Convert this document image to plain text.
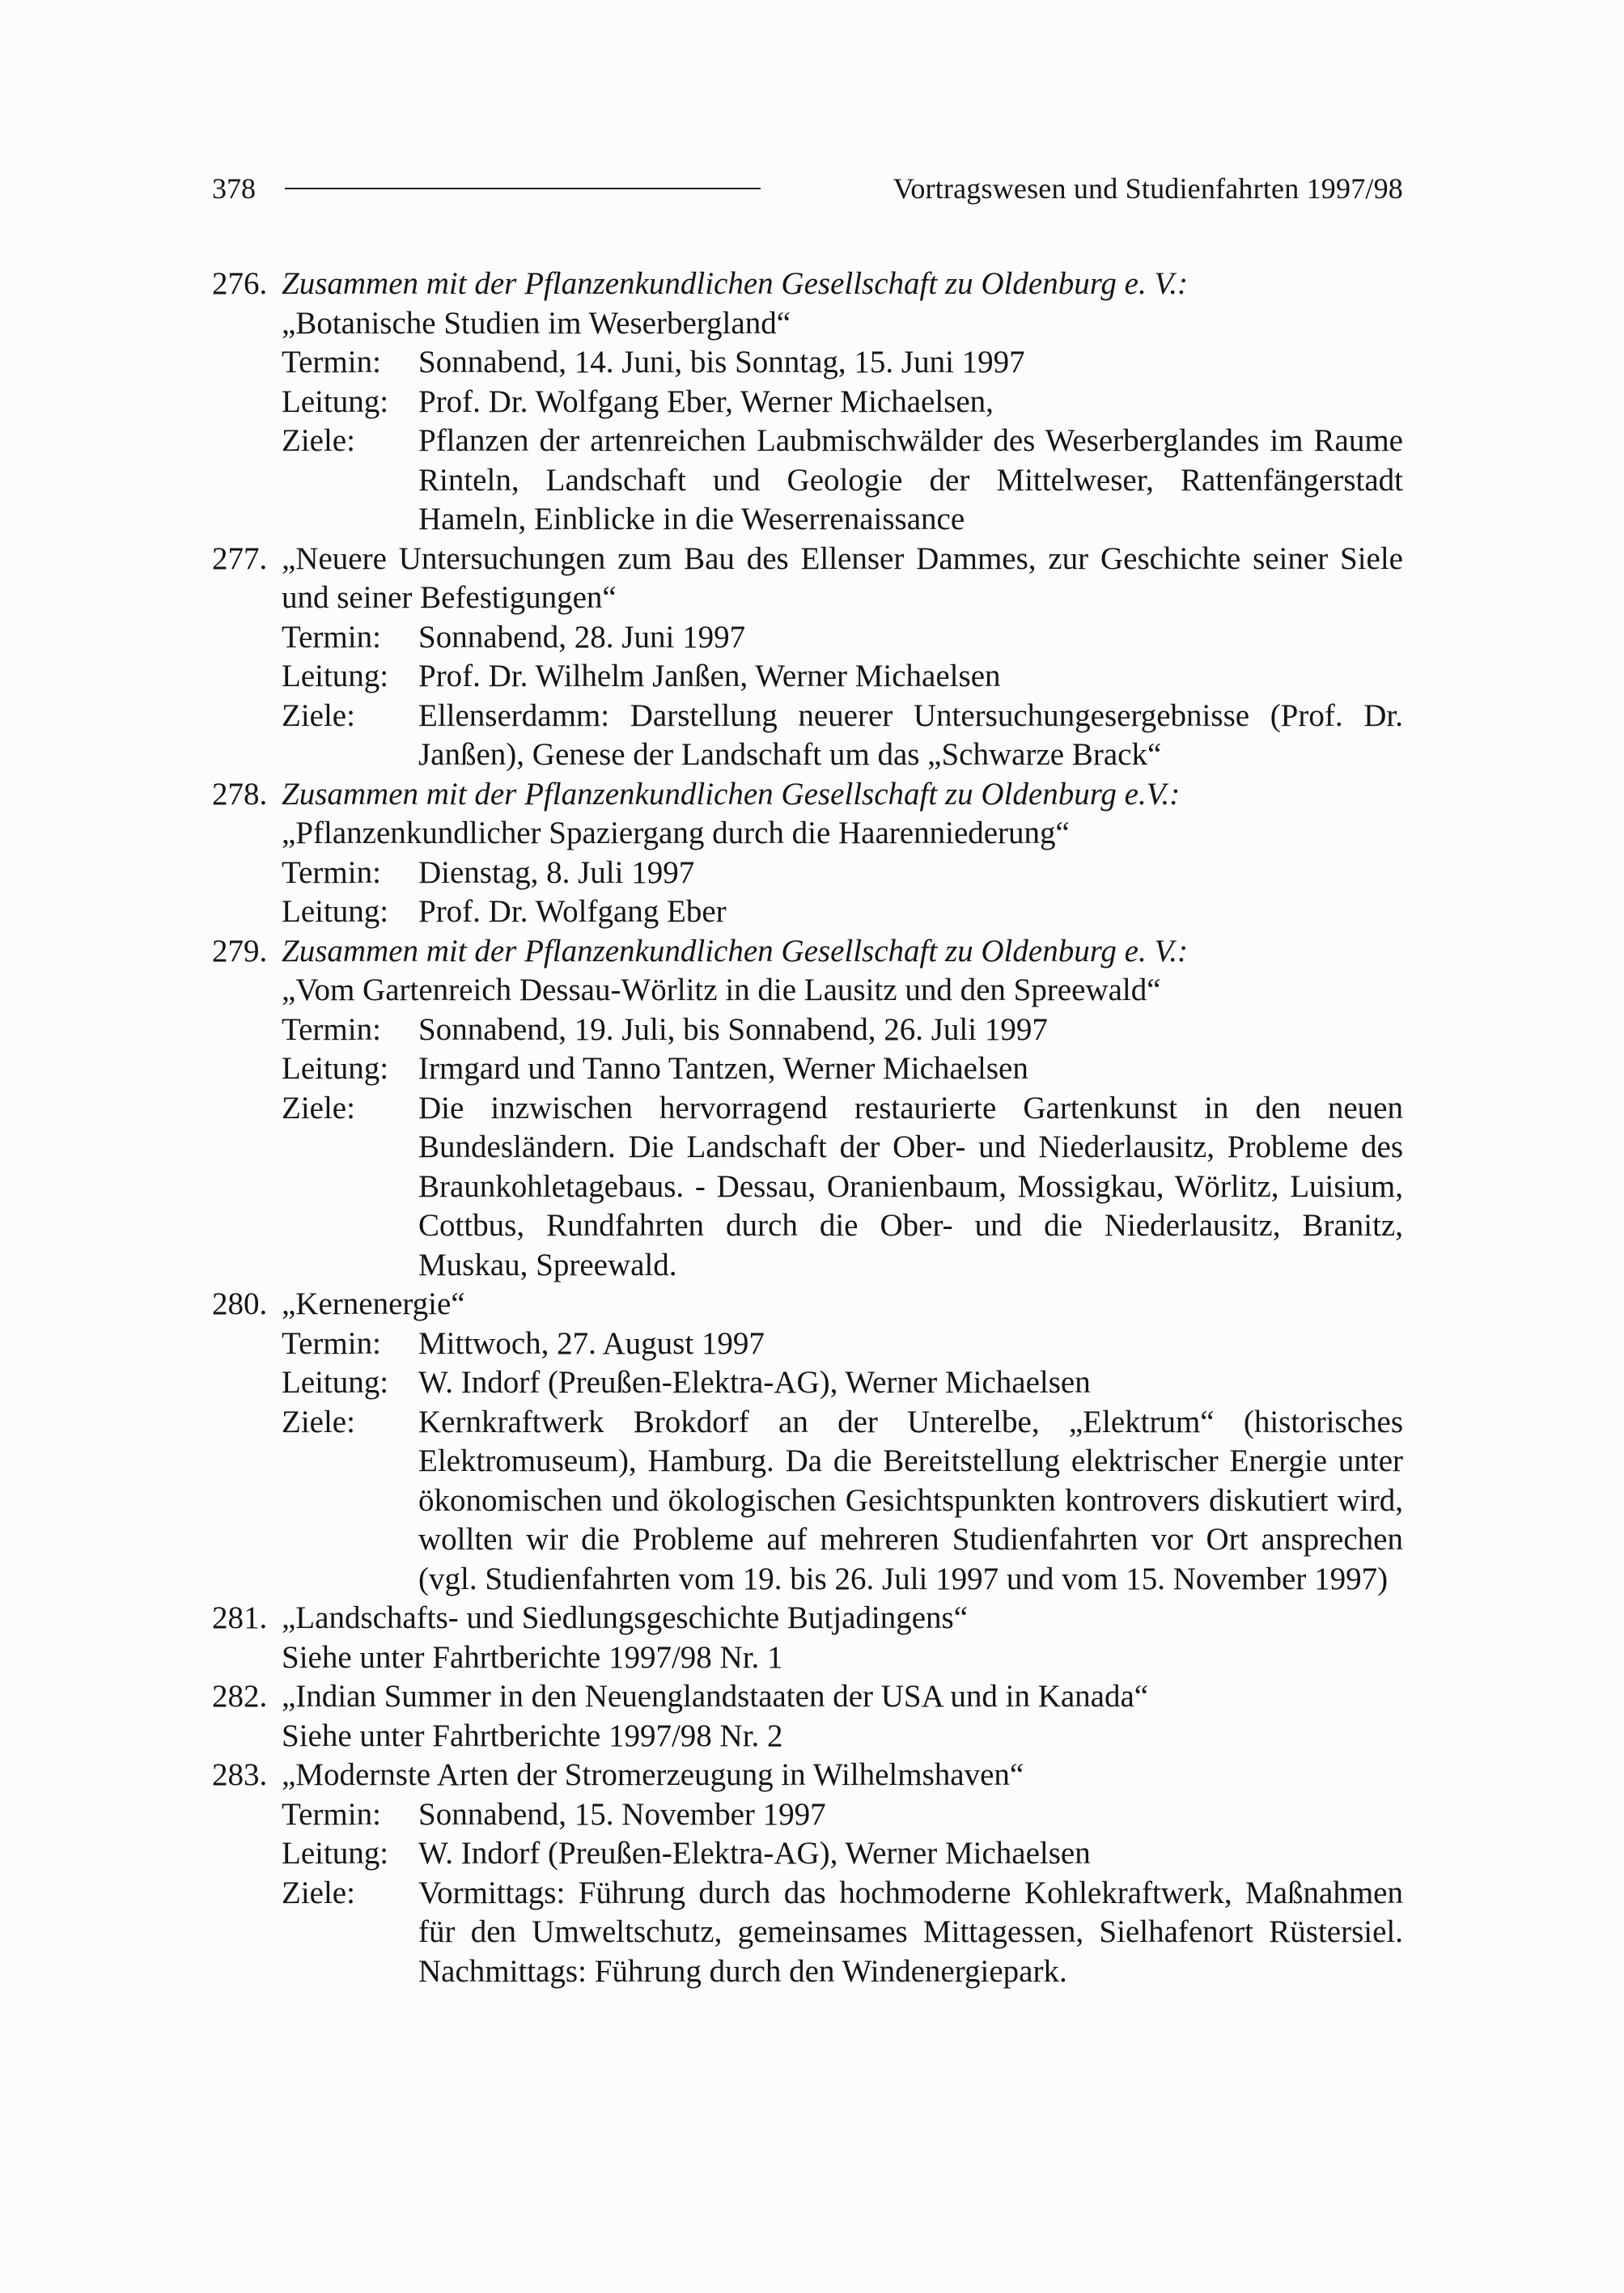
378	Vortragswesen und Studienfahrten 1997/98
276. Zusammen mit der Pflanzenkundlichen Gesellschaft zu Oldenburg e. V.:
„Botanische Studien im Weserbergland“
Termin:	Sonnabend, 14. Juni, bis Sonntag, 15. Juni 1997
Leitung: Prof. Dr. Wolfgang Eber, Werner Michaelsen,
Ziele:	Pflanzen der artenreichen Laubmischwälder des Weserberglandes im Raume Rinteln, Landschaft und Geologie der Mittelweser, Rattenfängerstadt Hameln, Einblicke in die Weserrenaissance
277. „Neuere Untersuchungen zum Bau des Ellenser Dammes, zur Geschichte seiner Siele und seiner Befestigungen“
Termin:	Sonnabend, 28. Juni 1997
Leitung: Prof. Dr. Wilhelm Janßen, Werner Michaelsen
Ziele:	Ellenserdamm: Darstellung neuerer Untersuchungesergebnisse (Prof. Dr. Janßen), Genese der Landschaft um das „Schwarze Brack“
278. Zusammen mit der Pflanzenkundlichen Gesellschaft zu Oldenburg e.V.:
„Pflanzenkundlicher Spaziergang durch die Haarenniederung“
Termin:	Dienstag, 8. Juli 1997
Leitung: Prof. Dr. Wolfgang Eber
279. Zusammen mit der Pflanzenkundlichen Gesellschaft zu Oldenburg e. V.:
„Vom Gartenreich Dessau-Wörlitz in die Lausitz und den Spreewald“
Termin:	Sonnabend, 19. Juli, bis Sonnabend, 26. Juli 1997
Leitung: Irmgard und Tanno Tantzen, Werner Michaelsen
Ziele:	Die inzwischen hervorragend restaurierte Gartenkunst in den neuen Bundesländern. Die Landschaft der Ober- und Niederlausitz, Probleme des Braunkohletagebaus. - Dessau, Oranienbaum, Mossigkau, Wörlitz, Luisium, Cottbus, Rundfahrten durch die Ober- und die Niederlausitz, Branitz, Muskau, Spreewald.
280. „Kernenergie“
Termin:	Mittwoch, 27. August 1997
Leitung: W. Indorf (Preußen-Elektra-AG), Werner Michaelsen
Ziele:	Kernkraftwerk Brokdorf an der Unterelbe, „Elektrum“ (historisches Elektromuseum), Hamburg. Da die Bereitstellung elektrischer Energie unter ökonomischen und ökologischen Gesichtspunkten kontrovers diskutiert wird, wollten wir die Probleme auf mehreren Studienfahrten vor Ort ansprechen (vgl. Studienfahrten vom 19. bis 26. Juli 1997 und vom 15. November 1997)
281. „Landschafts- und Siedlungsgeschichte Butjadingens“
Siehe unter Fahrtberichte 1997/98 Nr. 1
282. „Indian Summer in den Neuenglandstaaten der USA und in Kanada“
Siehe unter Fahrtberichte 1997/98 Nr. 2
283. „Modernste Arten der Stromerzeugung in Wilhelmshaven“
Termin:	Sonnabend, 15. November 1997
Leitung: W. Indorf (Preußen-Elektra-AG), Werner Michaelsen
Ziele:	Vormittags: Führung durch das hochmoderne Kohlekraftwerk, Maßnahmen für den Umweltschutz, gemeinsames Mittagessen, Sielhafenort Rüstersiel. Nachmittags: Führung durch den Windenergiepark.
